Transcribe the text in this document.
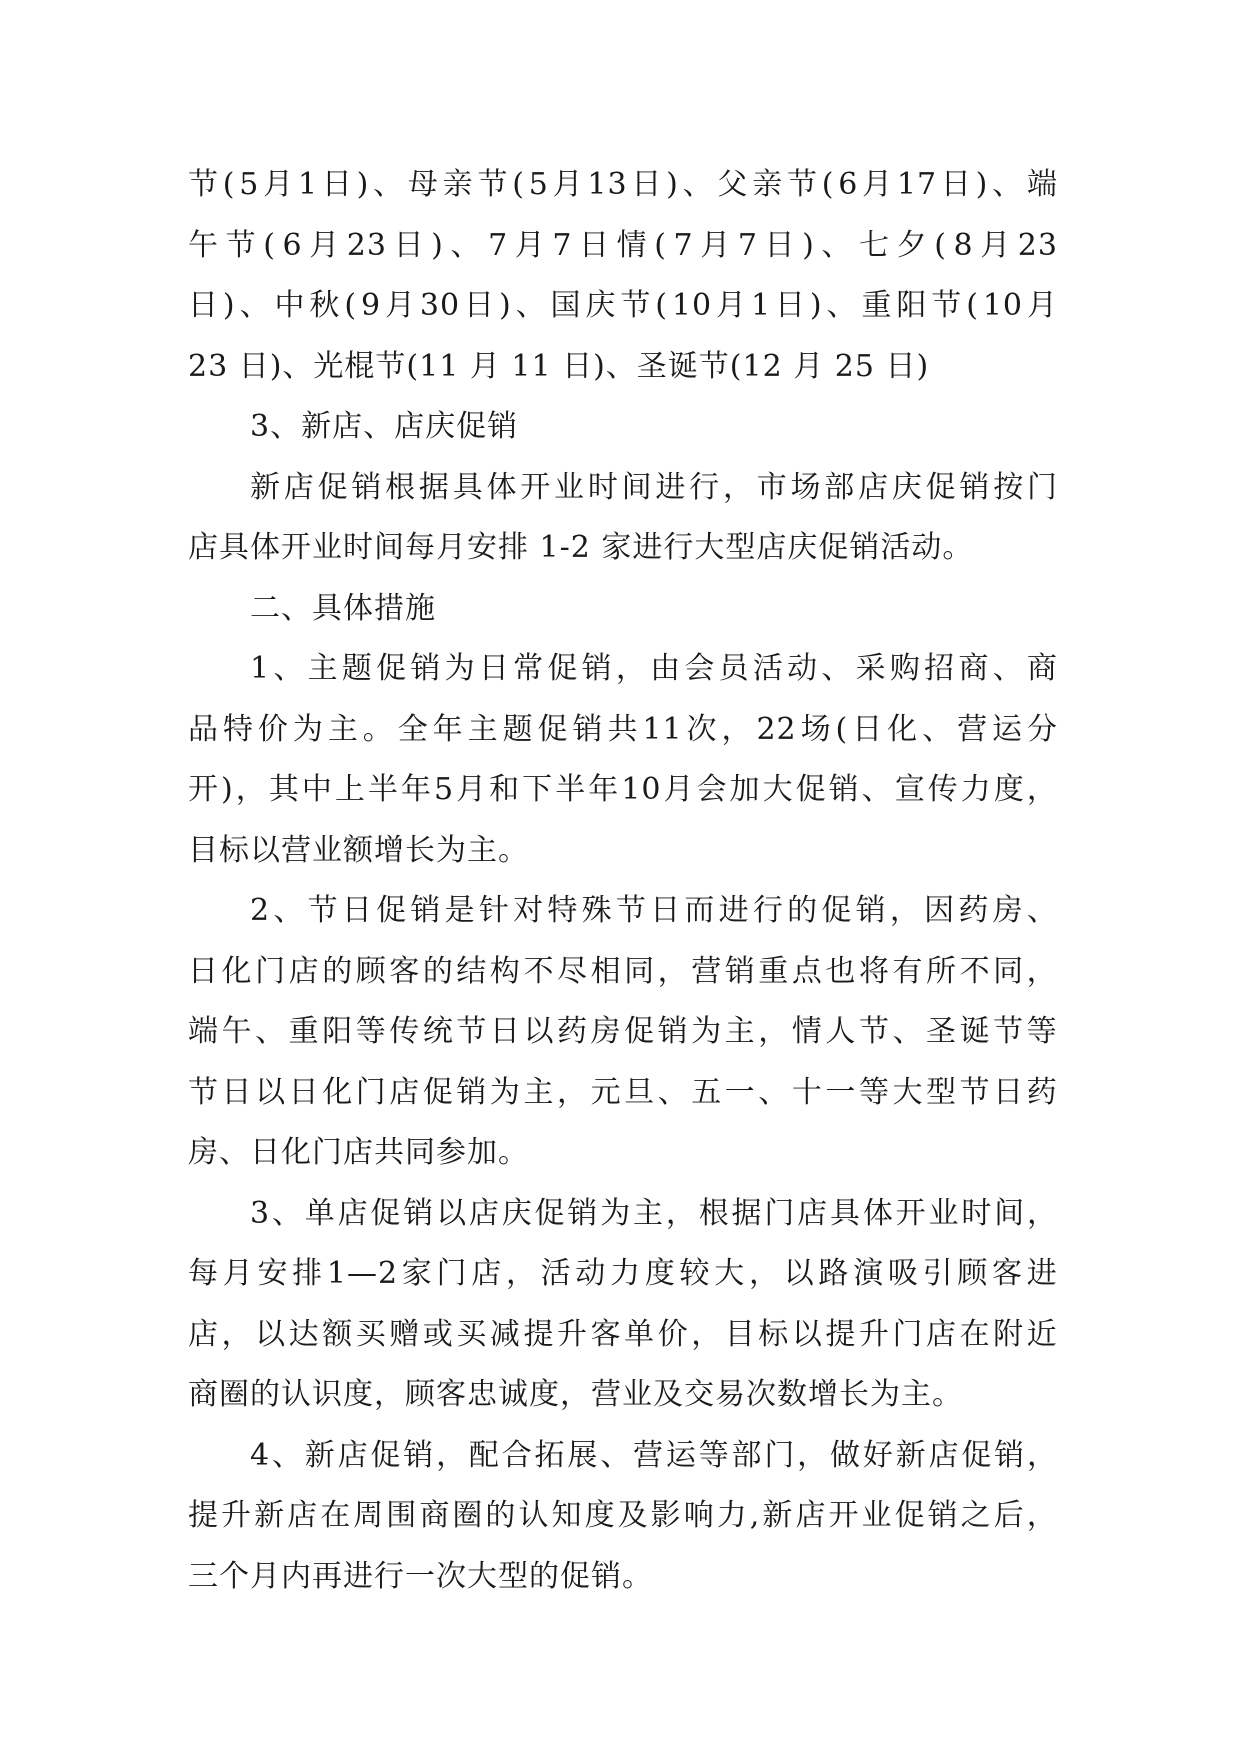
节 ( 5 月 1 日 ) 、 母 亲 节 ( 5 月 13 日 ) 、 父 亲 节 ( 6 月 17 日 ) 、 端
午 节 ( 6 月 23 日 ) 、 7 月 7 日 情 ( 7 月 7 日 ) 、 七 夕 ( 8 月 23
日 ) 、 中 秋 ( 9 月 30 日 ) 、 国 庆 节 ( 10 月 1 日 ) 、 重 阳 节 ( 10 月
23 日)、光棍节(11 月 11 日)、圣诞节(12 月 25 日)
3、新店、店庆促销
新 店 促 销 根 据 具 体 开 业 时 间 进 行 ， 市 场 部 店 庆 促 销 按 门
店具体开业时间每月安排 1-2 家进行大型店庆促销活动。
二、具体措施
1 、 主 题 促 销 为 日 常 促 销 ， 由 会 员 活 动 、 采 购 招 商 、 商
品 特 价 为 主 。 全 年 主 题 促 销 共 11 次 ， 22 场 ( 日 化 、 营 运 分
开 ) ， 其 中 上 半 年 5 月 和 下 半 年 10 月 会 加 大 促 销 、 宣 传 力 度 ，
目标以营业额增长为主。
2 、 节 日 促 销 是 针 对 特 殊 节 日 而 进 行 的 促 销 ， 因 药 房 、
日 化 门 店 的 顾 客 的 结 构 不 尽 相 同 ， 营 销 重 点 也 将 有 所 不 同 ，
端 午 、 重 阳 等 传 统 节 日 以 药 房 促 销 为 主 ， 情 人 节 、 圣 诞 节 等
节 日 以 日 化 门 店 促 销 为 主 ， 元 旦 、 五 一 、 十 一 等 大 型 节 日 药
房、日化门店共同参加。
3 、 单 店 促 销 以 店 庆 促 销 为 主 ， 根 据 门 店 具 体 开 业 时 间 ，
每 月 安 排 1—2 家 门 店 ， 活 动 力 度 较 大 ， 以 路 演 吸 引 顾 客 进
店 ， 以 达 额 买 赠 或 买 减 提 升 客 单 价 ， 目 标 以 提 升 门 店 在 附 近
商圈的认识度，顾客忠诚度，营业及交易次数增长为主。
4 、 新 店 促 销 ， 配 合 拓 展 、 营 运 等 部 门 ， 做 好 新 店 促 销 ，
提 升 新 店 在 周 围 商 圈 的 认 知 度 及 影 响 力 , 新 店 开 业 促 销 之 后 ，
三个月内再进行一次大型的促销。
